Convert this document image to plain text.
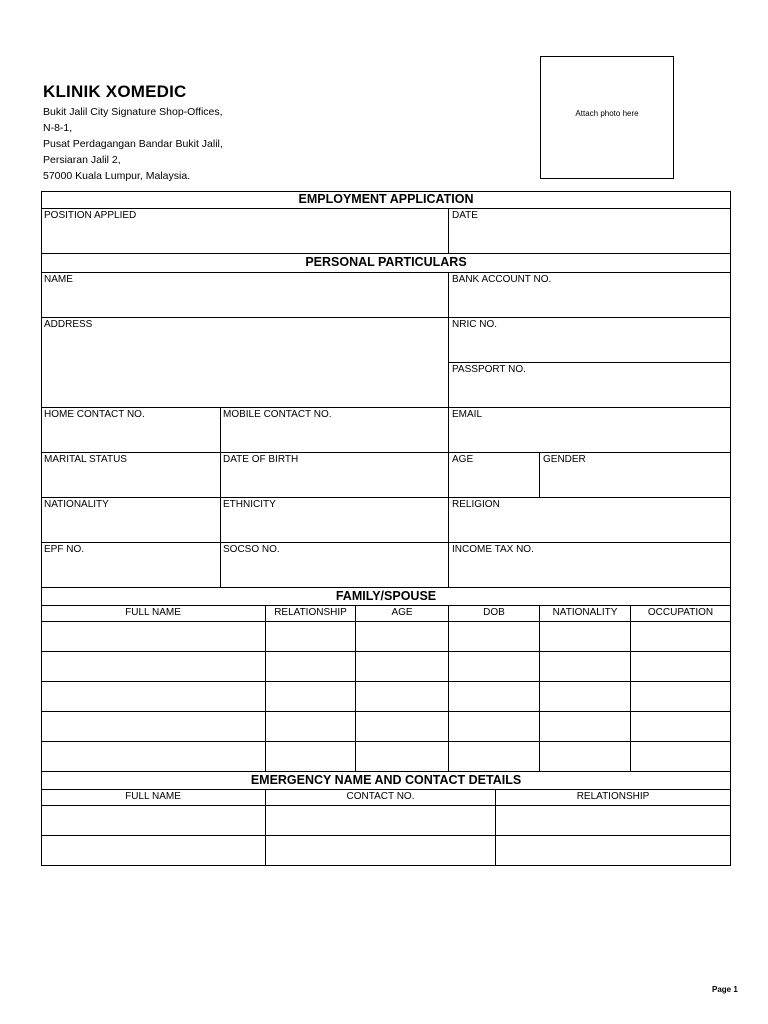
KLINIK XOMEDIC
Bukit Jalil City Signature Shop-Offices,
N-8-1,
Pusat Perdagangan Bandar Bukit Jalil,
Persiaran Jalil 2,
57000 Kuala Lumpur, Malaysia.
Attach photo here
EMPLOYMENT APPLICATION
POSITION APPLIED	DATE
PERSONAL PARTICULARS
NAME	BANK ACCOUNT NO.
ADDRESS	NRIC NO.
PASSPORT NO.
HOME CONTACT NO.	MOBILE CONTACT NO.	EMAIL
MARITAL STATUS	DATE OF BIRTH	AGE	GENDER
NATIONALITY	ETHNICITY	RELIGION
EPF NO.	SOCSO NO.	INCOME TAX NO.
FAMILY/SPOUSE
FULL NAME	RELATIONSHIP	AGE	DOB	NATIONALITY	OCCUPATION
EMERGENCY NAME AND CONTACT DETAILS
FULL NAME	CONTACT NO.	RELATIONSHIP
Page 1
